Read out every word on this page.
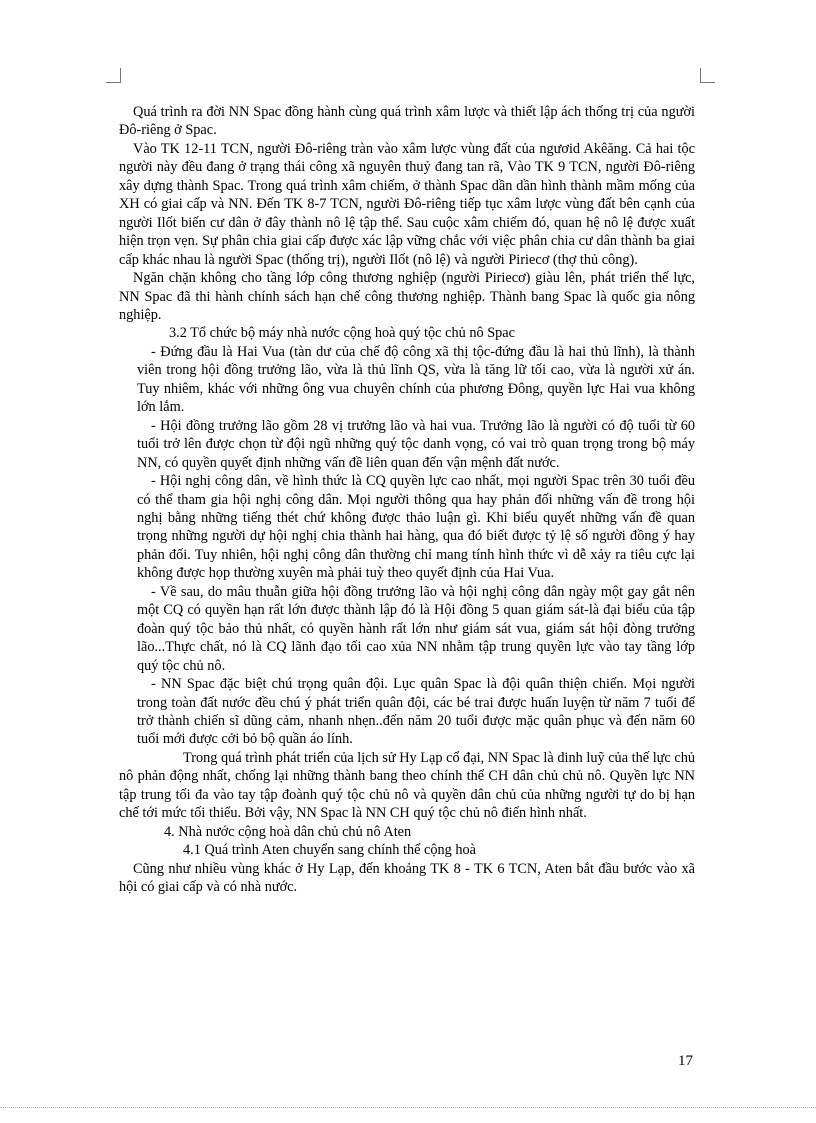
Quá trình ra đời NN Spac đồng hành cùng quá trình xâm lược và thiết lập ách thống trị của người Đô-riêng ở Spac.

Vào TK 12-11 TCN, người Đô-riêng tràn vào xâm lược vùng đất của ngươid Akêăng. Cả hai tộc người này đều đang ở trạng thái công xã nguyên thuỷ đang tan rã, Vào TK 9 TCN, người Đô-riêng xây dựng thành Spac. Trong quá trình xâm chiếm, ở thành Spac dần dần hình thành mầm mống của XH có giai cấp và NN. Đến TK 8-7 TCN, người Đô-riêng tiếp tục xâm lược vùng đất bên cạnh của người Ilốt biến cư dân ở đây thành nô lệ tập thể. Sau cuộc xâm chiếm đó, quan hệ nô lệ được xuất hiện trọn vẹn. Sự phân chia giai cấp được xác lập vững chắc với việc phân chia cư dân thành ba giai cấp khác nhau là người Spac (thống trị), người Ilốt (nô lệ) và người Piriecơ (thợ thủ công).

Ngăn chặn không cho tầng lớp công thương nghiệp (người Piriecơ) giàu lên, phát triển thế lực, NN Spac đã thi hành chính sách hạn chế công thương nghiệp. Thành bang Spac là quốc gia nông nghiệp.

3.2 Tổ chức bộ máy nhà nước cộng hoà quý tộc chủ nô Spac

- Đứng đầu là Hai Vua (tàn dư của chế độ công xã thị tộc-đứng đầu là hai thủ lĩnh), là thành viên trong hội đồng trưởng lão, vừa là thủ lĩnh QS, vừa là tăng lữ tối cao, vừa là người xử án. Tuy nhiêm, khác với những ông vua chuyên chính của phương Đông, quyền lực Hai vua không lớn lắm.

- Hội đồng trưởng lão gồm 28 vị trưởng lão và hai vua. Trưởng lão là người có độ tuổi từ 60 tuổi trở lên được chọn từ đội ngũ những quý tộc danh vọng, có vai trò quan trọng trong bộ máy NN, có quyền quyết định những vấn đề liên quan đến vận mệnh đất nước.

- Hội nghị công dân, về hình thức là CQ quyền lực cao nhất, mọi người Spac trên 30 tuổi đều có thể tham gia hội nghị công dân. Mọi người thông qua hay phản đối những vấn đề trong hội nghị bằng những tiếng thét chứ không được thảo luận gì. Khi biểu quyết những vấn đề quan trọng những người dự hội nghị chia thành hai hàng, qua đó biết được tỷ lệ số người đồng ý hay phản đối. Tuy nhiên, hội nghị công dân thường chỉ mang tính hình thức vì dễ xảy ra tiêu cực lại không được họp thường xuyên mà phải tuỳ theo quyết định của Hai Vua.

- Về sau, do mâu thuẫn giữa hội đồng trưởng lão và hội nghị công dân ngày một gay gắt nên một CQ có quyền hạn rất lớn được thành lập đó là Hội đồng 5 quan giám sát-là đại biểu của tập đoàn quý tộc bảo thủ nhất, có quyền hành rất lớn như giám sát vua, giám sát hội đòng trưởng lão...Thực chất, nó là CQ lãnh đạo tối cao xủa NN nhằm tập trung quyền lực vào tay tầng lớp quý tộc chủ nô.

- NN Spac đặc biệt chú trọng quân đội. Lục quân Spac là đội quân thiện chiến. Mọi người trong toàn đất nước đều chú ý phát triển quân đội, các bé trai được huấn luyện từ năm 7 tuổi để trở thành chiến sĩ dũng cảm, nhanh nhẹn..đến năm 20 tuổi được mặc quân phục và đến năm 60 tuổi mới được cởi bỏ bộ quần áo lính.

Trong quá trình phát triển của lịch sử Hy Lạp cổ đại, NN Spac là dinh luỹ của thế lực chủ nô phản động nhất, chống lại những thành bang theo chính thể CH dân chủ chủ nô. Quyền lực NN tập trung tối đa vào tay tập đoành quý tộc chủ nô và quyền dân chủ của những người tự do bị hạn chế tới mức tối thiểu. Bởi vậy, NN Spac là NN CH quý tộc chủ nô điển hình nhất.

4. Nhà nước cộng hoà dân chủ chủ nô Aten

4.1 Quá trình Aten chuyển sang chính thể cộng hoà

Cũng như nhiều vùng khác ở Hy Lạp, đến khoảng TK 8 - TK 6 TCN, Aten bắt đầu bước vào xã hội có giai cấp và có nhà nước.

17
